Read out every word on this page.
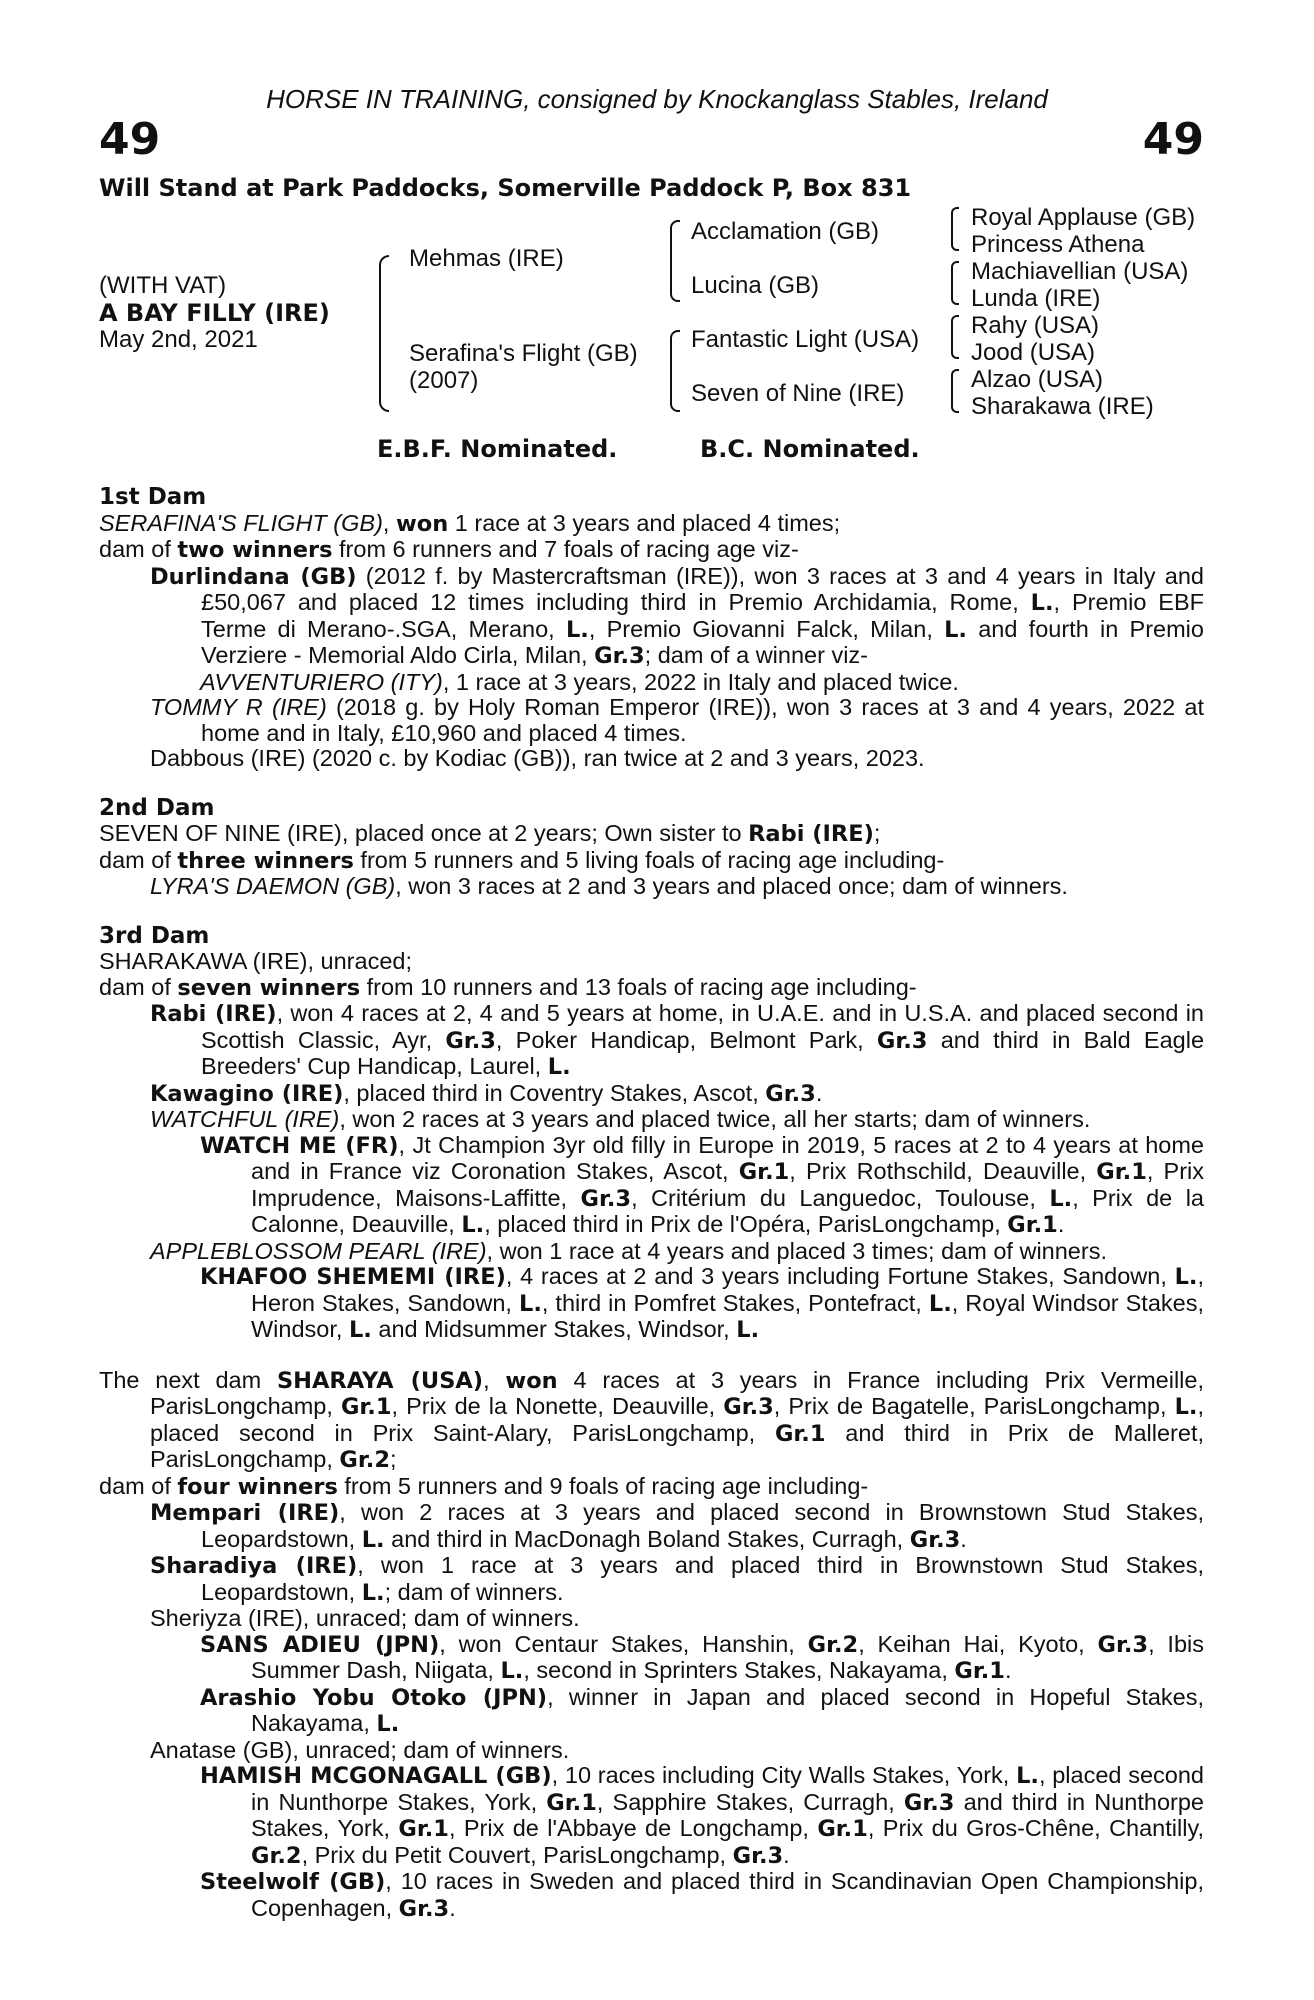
HORSE IN TRAINING, consigned by Knockanglass Stables, Ireland
49	49
Will Stand at Park Paddocks, Somerville Paddock P, Box 831
(WITH VAT)
A BAY FILLY (IRE)
May 2nd, 2021
Mehmas (IRE)
Serafina's Flight (GB)
(2007)
Acclamation (GB)
Lucina (GB)
Fantastic Light (USA)
Seven of Nine (IRE)
Royal Applause (GB)
Princess Athena
Machiavellian (USA)
Lunda (IRE)
Rahy (USA)
Jood (USA)
Alzao (USA)
Sharakawa (IRE)
E.B.F. Nominated.	B.C. Nominated.

1st Dam

SERAFINA'S FLIGHT (GB), won 1 race at 3 years and placed 4 times;

dam of two winners from 6 runners and 7 foals of racing age viz-

Durlindana (GB) (2012 f. by Mastercraftsman (IRE)), won 3 races at 3 and 4 years in Italy and £50,067 and placed 12 times including third in Premio Archidamia, Rome, L., Premio EBF Terme di Merano-.SGA, Merano, L., Premio Giovanni Falck, Milan, L. and fourth in Premio Verziere - Memorial Aldo Cirla, Milan, Gr.3; dam of a winner viz-

AVVENTURIERO (ITY), 1 race at 3 years, 2022 in Italy and placed twice.

TOMMY R (IRE) (2018 g. by Holy Roman Emperor (IRE)), won 3 races at 3 and 4 years, 2022 at home and in Italy, £10,960 and placed 4 times.

Dabbous (IRE) (2020 c. by Kodiac (GB)), ran twice at 2 and 3 years, 2023.

2nd Dam

SEVEN OF NINE (IRE), placed once at 2 years; Own sister to Rabi (IRE);

dam of three winners from 5 runners and 5 living foals of racing age including-

LYRA'S DAEMON (GB), won 3 races at 2 and 3 years and placed once; dam of winners.

3rd Dam

SHARAKAWA (IRE), unraced;

dam of seven winners from 10 runners and 13 foals of racing age including-

Rabi (IRE), won 4 races at 2, 4 and 5 years at home, in U.A.E. and in U.S.A. and placed second in Scottish Classic, Ayr, Gr.3, Poker Handicap, Belmont Park, Gr.3 and third in Bald Eagle Breeders' Cup Handicap, Laurel, L.

Kawagino (IRE), placed third in Coventry Stakes, Ascot, Gr.3.

WATCHFUL (IRE), won 2 races at 3 years and placed twice, all her starts; dam of winners.

WATCH ME (FR), Jt Champion 3yr old filly in Europe in 2019, 5 races at 2 to 4 years at home and in France viz Coronation Stakes, Ascot, Gr.1, Prix Rothschild, Deauville, Gr.1, Prix Imprudence, Maisons-Laffitte, Gr.3, Critérium du Languedoc, Toulouse, L., Prix de la Calonne, Deauville, L., placed third in Prix de l'Opéra, ParisLongchamp, Gr.1.

APPLEBLOSSOM PEARL (IRE), won 1 race at 4 years and placed 3 times; dam of winners.

KHAFOO SHEMEMI (IRE), 4 races at 2 and 3 years including Fortune Stakes, Sandown, L., Heron Stakes, Sandown, L., third in Pomfret Stakes, Pontefract, L., Royal Windsor Stakes, Windsor, L. and Midsummer Stakes, Windsor, L.

The next dam SHARAYA (USA), won 4 races at 3 years in France including Prix Vermeille, ParisLongchamp, Gr.1, Prix de la Nonette, Deauville, Gr.3, Prix de Bagatelle, ParisLongchamp, L., placed second in Prix Saint-Alary, ParisLongchamp, Gr.1 and third in Prix de Malleret, ParisLongchamp, Gr.2;

dam of four winners from 5 runners and 9 foals of racing age including-

Mempari (IRE), won 2 races at 3 years and placed second in Brownstown Stud Stakes, Leopardstown, L. and third in MacDonagh Boland Stakes, Curragh, Gr.3.

Sharadiya (IRE), won 1 race at 3 years and placed third in Brownstown Stud Stakes, Leopardstown, L.; dam of winners.

Sheriyza (IRE), unraced; dam of winners.

SANS ADIEU (JPN), won Centaur Stakes, Hanshin, Gr.2, Keihan Hai, Kyoto, Gr.3, Ibis Summer Dash, Niigata, L., second in Sprinters Stakes, Nakayama, Gr.1.

Arashio Yobu Otoko (JPN), winner in Japan and placed second in Hopeful Stakes, Nakayama, L.

Anatase (GB), unraced; dam of winners.

HAMISH MCGONAGALL (GB), 10 races including City Walls Stakes, York, L., placed second in Nunthorpe Stakes, York, Gr.1, Sapphire Stakes, Curragh, Gr.3 and third in Nunthorpe Stakes, York, Gr.1, Prix de l'Abbaye de Longchamp, Gr.1, Prix du Gros-Chêne, Chantilly, Gr.2, Prix du Petit Couvert, ParisLongchamp, Gr.3.

Steelwolf (GB), 10 races in Sweden and placed third in Scandinavian Open Championship, Copenhagen, Gr.3.
